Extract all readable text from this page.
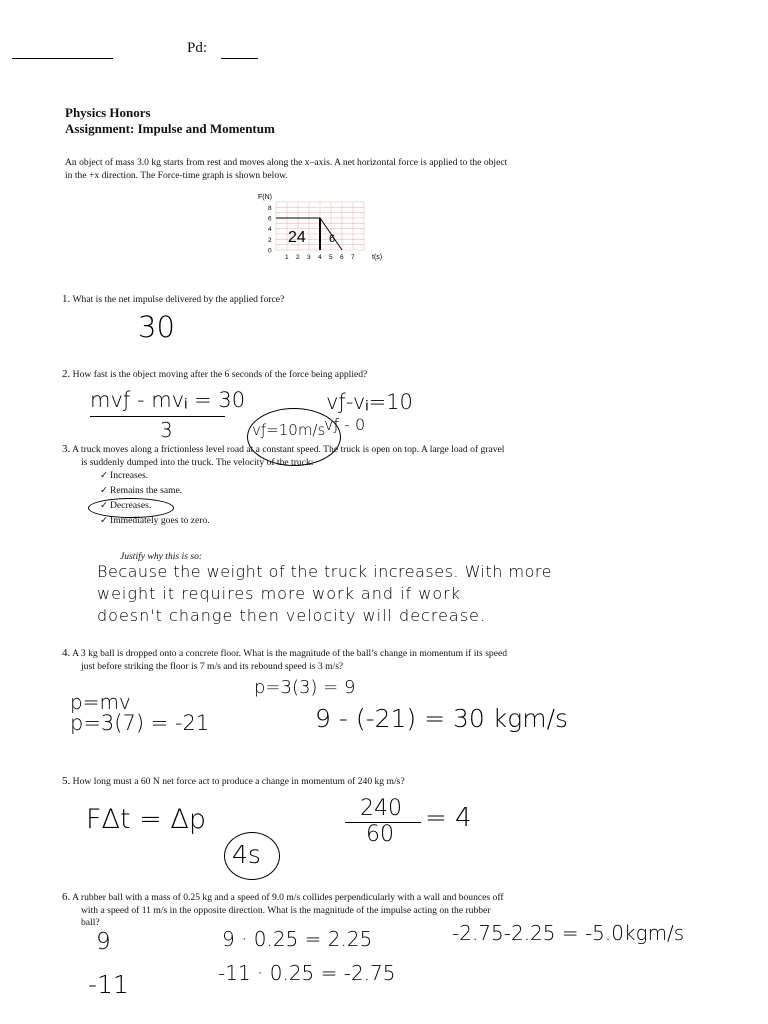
Pd:
Physics Honors
Assignment: Impulse and Momentum
An object of mass 3.0 kg starts from rest and moves along the x–axis. A net horizontal force is applied to the object
in the +x direction. The Force-time graph is shown below.
F(N)
0
2
4
6
8
1 2 3 4 5 6 7 t(s)
24 6
1. What is the net impulse delivered by the applied force?
30
2. How fast is the object moving after the 6 seconds of the force being applied?
mvƒ - mvᵢ = 30
3
vƒ-vᵢ=10
vƒ=10m/s
vƒ - 0
3. A truck moves along a frictionless level road at a constant speed. The truck is open on top. A large load of gravel
is suddenly dumped into the truck. The velocity of the truck:
✓ Increases.
✓ Remains the same.
✓ Decreases.
✓ Immediately goes to zero.
Justify why this is so:
Because the weight of the truck increases. With more
weight it requires more work and if work
doesn't change then velocity will decrease.
4. A 3 kg ball is dropped onto a concrete floor. What is the magnitude of the ball’s change in momentum if its speed
just before striking the floor is 7 m/s and its rebound speed is 3 m/s?
p=3(3) = 9
p=mv
p=3(7) = -21	9 - (-21) = 30 kgm/s
5. How long must a 60 N net force act to produce a change in momentum of 240 kg m/s?
FΔt = Δp	240
60
= 4
4s
6. A rubber ball with a mass of 0.25 kg and a speed of 9.0 m/s collides perpendicularly with a wall and bounces off
with a speed of 11 m/s in the opposite direction. What is the magnitude of the impulse acting on the rubber
ball?
9
-11
9 · 0.25 = 2.25
-11 · 0.25 = -2.75
-2.75-2.25 = -5.0kgm/s
